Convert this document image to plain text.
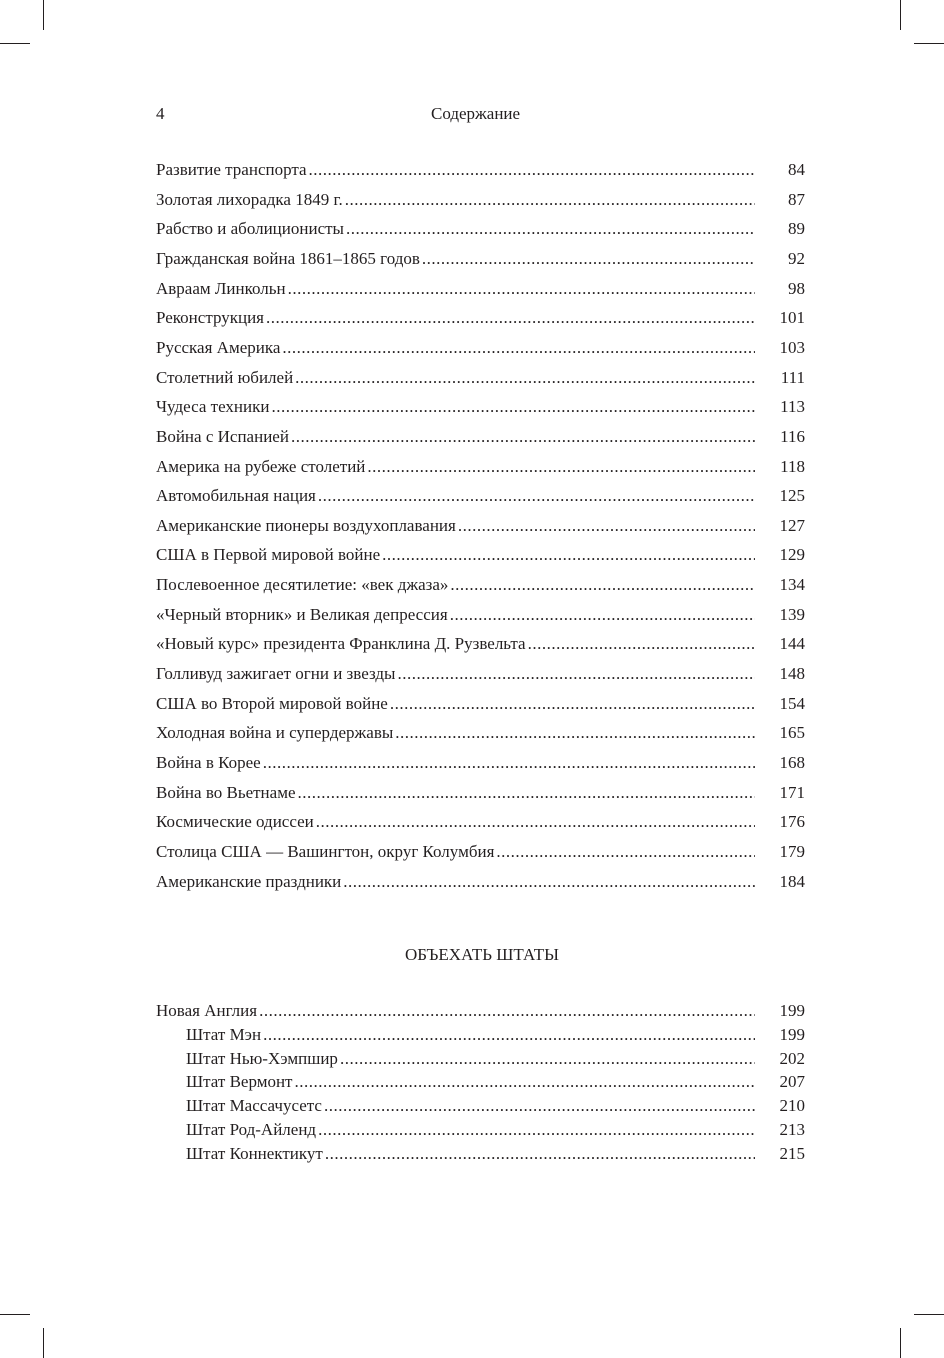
4	Содержание
Развитие транспорта .....	84
Золотая лихорадка 1849 г. .....	87
Рабство и аболиционисты .....	89
Гражданская война 1861–1865 годов .....	92
Авраам Линкольн .....	98
Реконструкция .....	101
Русская Америка .....	103
Столетний юбилей .....	111
Чудеса техники .....	113
Война с Испанией .....	116
Америка на рубеже столетий .....	118
Автомобильная нация .....	125
Американские пионеры воздухоплавания .....	127
США в Первой мировой войне .....	129
Послевоенное десятилетие: «век джаза» .....	134
«Черный вторник» и Великая депрессия .....	139
«Новый курс» президента Франклина Д. Рузвельта .....	144
Голливуд зажигает огни и звезды .....	148
США во Второй мировой войне .....	154
Холодная война и супердержавы .....	165
Война в Корее .....	168
Война во Вьетнаме .....	171
Космические одиссеи .....	176
Столица США — Вашингтон, округ Колумбия .....	179
Американские праздники .....	184
ОБЪЕХАТЬ ШТАТЫ
Новая Англия .....	199
Штат Мэн .....	199
Штат Нью-Хэмпшир .....	202
Штат Вермонт .....	207
Штат Массачусетс .....	210
Штат Род-Айленд .....	213
Штат Коннектикут .....	215
